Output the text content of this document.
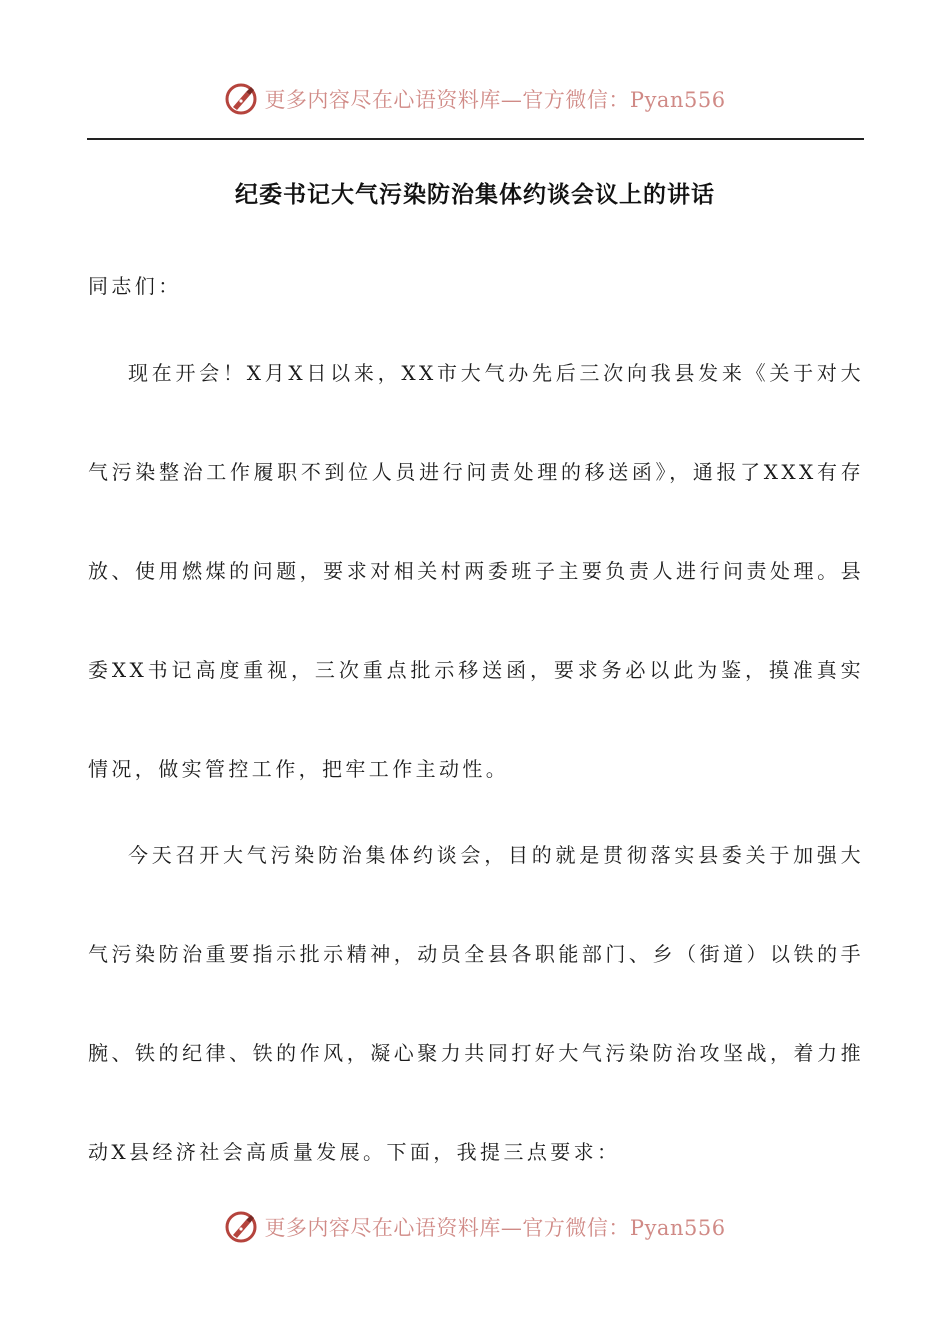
更多内容尽在心语资料库—官方微信：Pyan556
纪委书记大气污染防治集体约谈会议上的讲话

同志们：

现在开会！X月X日以来，XX市大气办先后三次向我县发来《关于对大气污染整治工作履职不到位人员进行问责处理的移送函》，通报了XXX有存放、使用燃煤的问题，要求对相关村两委班子主要负责人进行问责处理。县委XX书记高度重视，三次重点批示移送函，要求务必以此为鉴，摸准真实情况，做实管控工作，把牢工作主动性。

今天召开大气污染防治集体约谈会，目的就是贯彻落实县委关于加强大气污染防治重要指示批示精神，动员全县各职能部门、乡（街道）以铁的手腕、铁的纪律、铁的作风，凝心聚力共同打好大气污染防治攻坚战，着力推动X县经济社会高质量发展。下面，我提三点要求：

更多内容尽在心语资料库—官方微信：Pyan556
